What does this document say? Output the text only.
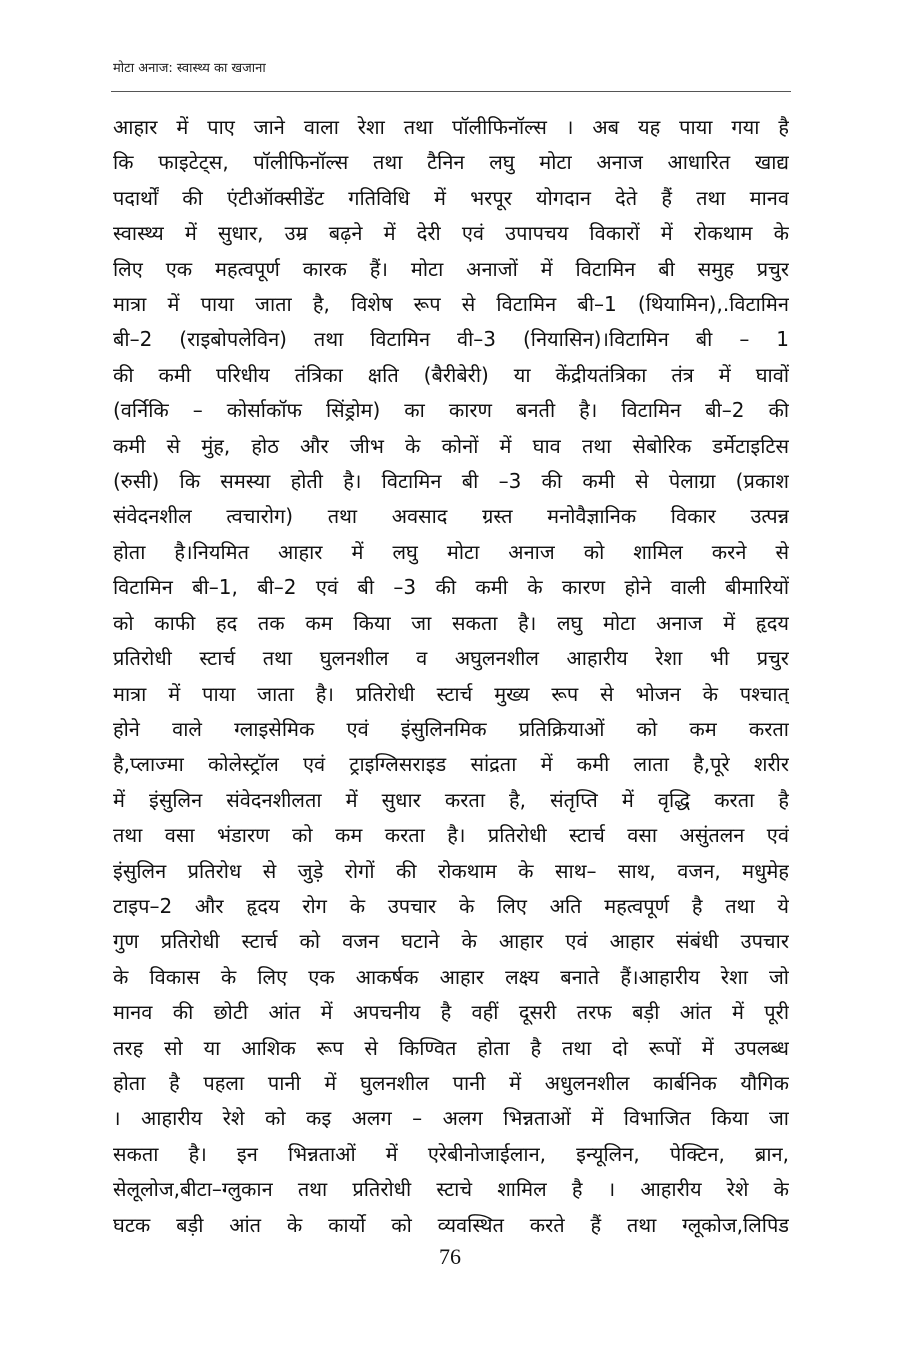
मोटा अनाज: स्वास्थ्य का खजाना
आहार में पाए जाने वाला रेशा तथा पॉलीफिनॉल्स । अब यह पाया गया है
कि फाइटेट्स, पॉलीफिनॉल्स तथा टैनिन लघु मोटा अनाज आधारित खाद्य
पदार्थों की एंटीऑक्सीडेंट गतिविधि में भरपूर योगदान देते हैं तथा मानव
स्वास्थ्य में सुधार, उम्र बढ़ने में देरी एवं उपापचय विकारों में रोकथाम के
लिए एक महत्वपूर्ण कारक हैं। मोटा अनाजों में विटामिन बी समुह प्रचुर
मात्रा में पाया जाता है, विशेष रूप से विटामिन बी–1 (थियामिन),.विटामिन
बी–2 (राइबोपलेविन) तथा विटामिन वी–3 (नियासिन)।विटामिन बी – 1
की कमी परिधीय तंत्रिका क्षति (बैरीबेरी) या केंद्रीयतंत्रिका तंत्र में घावों
(वर्निकि – कोर्साकॉफ सिंड्रोम) का कारण बनती है। विटामिन बी–2 की
कमी से मुंह, होठ और जीभ के कोनों में घाव तथा सेबोरिक डर्मेटाइटिस
(रुसी) कि समस्या होती है। विटामिन बी –3 की कमी से पेलाग्रा (प्रकाश
संवेदनशील त्वचारोग) तथा अवसाद ग्रस्त मनोवैज्ञानिक विकार उत्पन्न
होता है।नियमित आहार में लघु मोटा अनाज को शामिल करने से
विटामिन बी–1, बी–2 एवं बी –3 की कमी के कारण होने वाली बीमारियों
को काफी हद तक कम किया जा सकता है। लघु मोटा अनाज में हृदय
प्रतिरोधी स्टार्च तथा घुलनशील व अघुलनशील आहारीय रेशा भी प्रचुर
मात्रा में पाया जाता है। प्रतिरोधी स्टार्च मुख्य रूप से भोजन के पश्चात्
होने वाले ग्लाइसेमिक एवं इंसुलिनमिक प्रतिक्रियाओं को कम करता
है,प्लाज्मा कोलेस्ट्रॉल एवं ट्राइग्लिसराइड सांद्रता में कमी लाता है,पूरे शरीर
में इंसुलिन संवेदनशीलता में सुधार करता है, संतृप्ति में वृद्धि करता है
तथा वसा भंडारण को कम करता है। प्रतिरोधी स्टार्च वसा असुंतलन एवं
इंसुलिन प्रतिरोध से जुड़े रोगों की रोकथाम के साथ– साथ, वजन, मधुमेह
टाइप–2 और हृदय रोग के उपचार के लिए अति महत्वपूर्ण है तथा ये
गुण प्रतिरोधी स्टार्च को वजन घटाने के आहार एवं आहार संबंधी उपचार
के विकास के लिए एक आकर्षक आहार लक्ष्य बनाते हैं।आहारीय रेशा जो
मानव की छोटी आंत में अपचनीय है वहीं दूसरी तरफ बड़ी आंत में पूरी
तरह सो या आशिक रूप से किण्वित होता है तथा दो रूपों में उपलब्ध
होता है पहला पानी में घुलनशील पानी में अधुलनशील कार्बनिक यौगिक
। आहारीय रेशे को कइ अलग – अलग भिन्नताओं में विभाजित किया जा
सकता है। इन भिन्नताओं में एरेबीनोजाईलान, इन्यूलिन, पेक्टिन, ब्रान,
सेलूलोज,बीटा–ग्लुकान तथा प्रतिरोधी स्टाचे शामिल है । आहारीय रेशे के
घटक बड़ी आंत के कार्यो को व्यवस्थित करते हैं तथा ग्लूकोज,लिपिड
76
